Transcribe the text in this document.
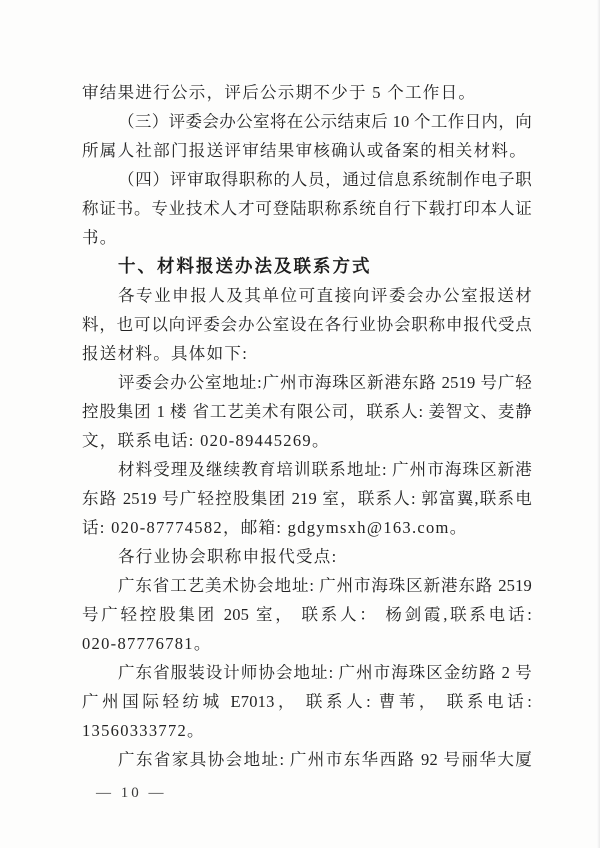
审结果进行公示，评后公示期不少于 5 个工作日。
（三）评委会办公室将在公示结束后 10 个工作日内，向
所属人社部门报送评审结果审核确认或备案的相关材料。
（四）评审取得职称的人员，通过信息系统制作电子职
称证书。专业技术人才可登陆职称系统自行下载打印本人证
书。
十、材料报送办法及联系方式
各专业申报人及其单位可直接向评委会办公室报送材
料，也可以向评委会办公室设在各行业协会职称申报代受点
报送材料。具体如下:
评委会办公室地址:广州市海珠区新港东路 2519 号广轻
控股集团 1 楼 省工艺美术有限公司，联系人: 姜智文、麦静
文，联系电话: 020-89445269。
材料受理及继续教育培训联系地址: 广州市海珠区新港
东路 2519 号广轻控股集团 219 室，联系人: 郭富翼,联系电
话: 020-87774582，邮箱: gdgymsxh@163.com。
各行业协会职称申报代受点:
广东省工艺美术协会地址: 广州市海珠区新港东路 2519
号广轻控股集团 205 室， 联系人： 杨剑霞,联系电话:
020-87776781。
广东省服装设计师协会地址: 广州市海珠区金纺路 2 号
广州国际轻纺城 E7013， 联系人: 曹苇， 联系电话:
13560333772。
广东省家具协会地址: 广州市东华西路 92 号丽华大厦
— 10 —
